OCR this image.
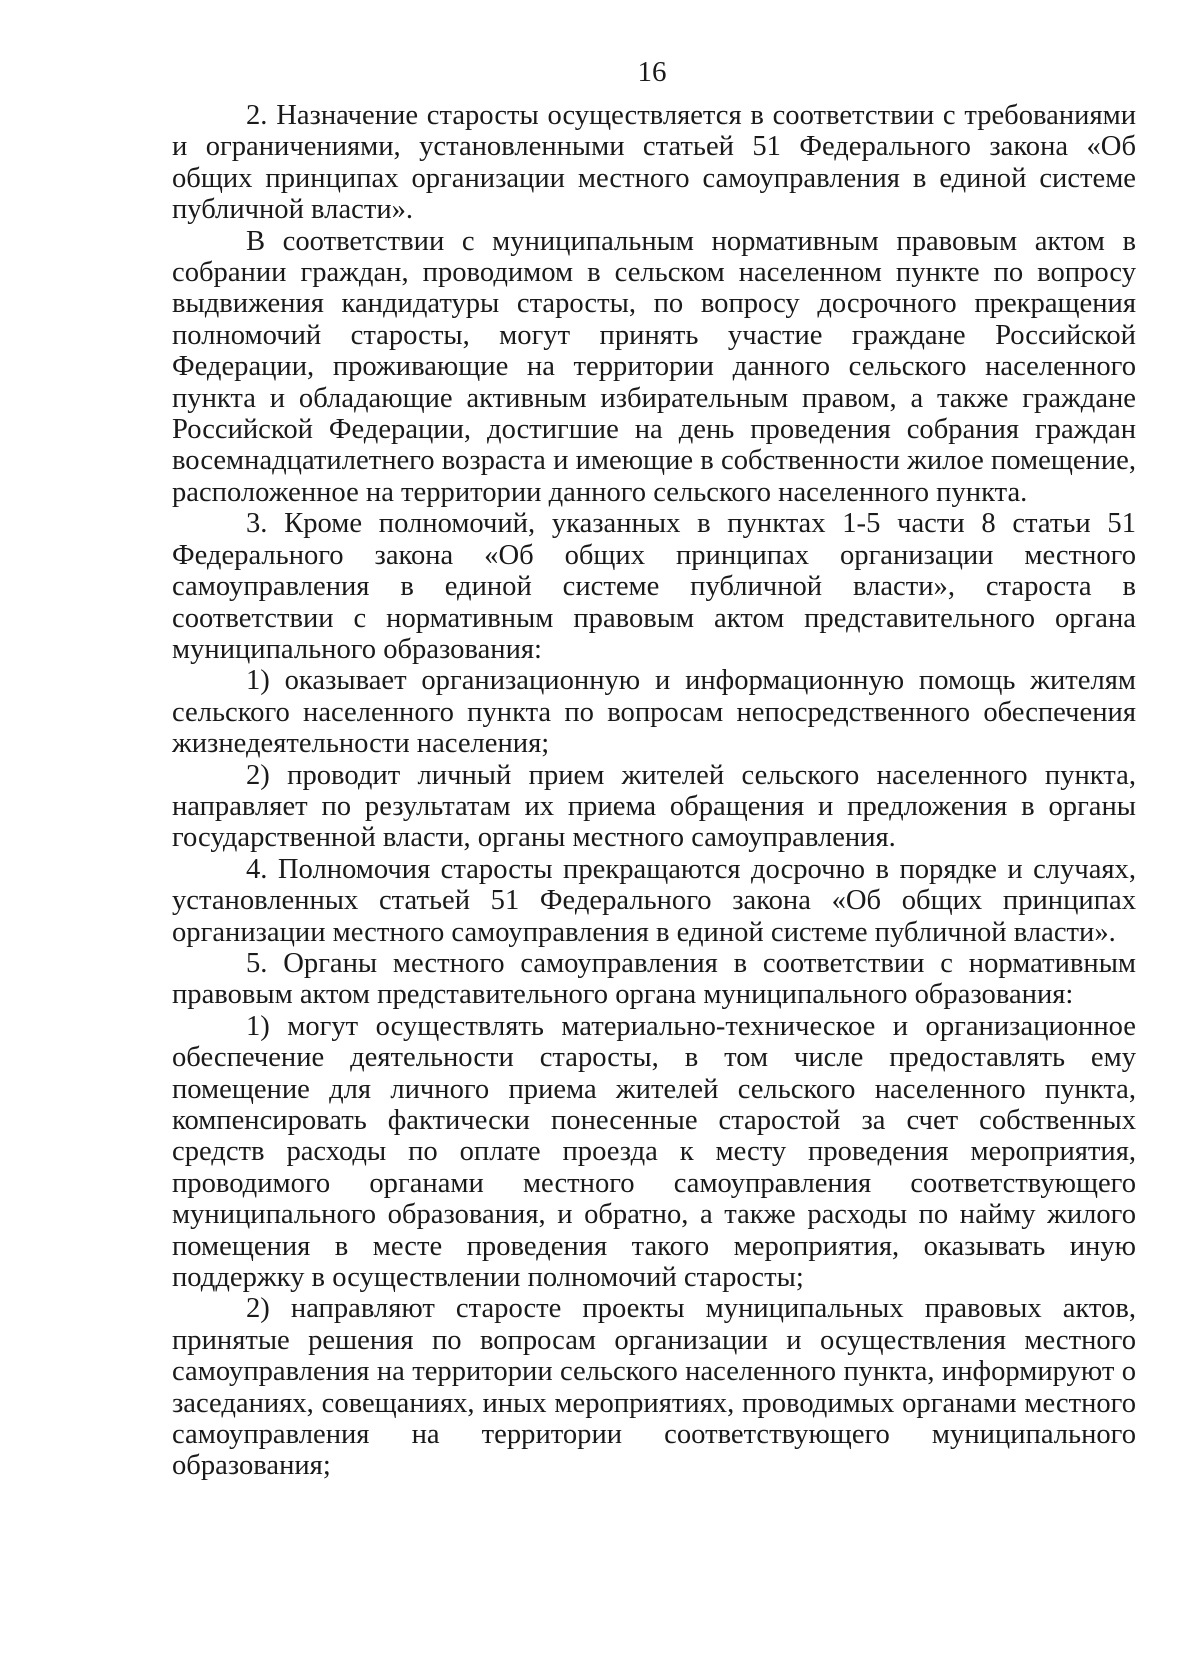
16

2. Назначение старосты осуществляется в соответствии с требованиями и ограничениями, установленными статьей 51 Федерального закона «Об общих принципах организации местного самоуправления в единой системе публичной власти».

В соответствии с муниципальным нормативным правовым актом в собрании граждан, проводимом в сельском населенном пункте по вопросу выдвижения кандидатуры старосты, по вопросу досрочного прекращения полномочий старосты, могут принять участие граждане Российской Федерации, проживающие на территории данного сельского населенного пункта и обладающие активным избирательным правом, а также граждане Российской Федерации, достигшие на день проведения собрания граждан восемнадцатилетнего возраста и имеющие в собственности жилое помещение, расположенное на территории данного сельского населенного пункта.

3. Кроме полномочий, указанных в пунктах 1-5 части 8 статьи 51 Федерального закона «Об общих принципах организации местного самоуправления в единой системе публичной власти», староста в соответствии с нормативным правовым актом представительного органа муниципального образования:

1) оказывает организационную и информационную помощь жителям сельского населенного пункта по вопросам непосредственного обеспечения жизнедеятельности населения;

2) проводит личный прием жителей сельского населенного пункта, направляет по результатам их приема обращения и предложения в органы государственной власти, органы местного самоуправления.

4. Полномочия старосты прекращаются досрочно в порядке и случаях, установленных статьей 51 Федерального закона «Об общих принципах организации местного самоуправления в единой системе публичной власти».

5. Органы местного самоуправления в соответствии с нормативным правовым актом представительного органа муниципального образования:

1) могут осуществлять материально-техническое и организационное обеспечение деятельности старосты, в том числе предоставлять ему помещение для личного приема жителей сельского населенного пункта, компенсировать фактически понесенные старостой за счет собственных средств расходы по оплате проезда к месту проведения мероприятия, проводимого органами местного самоуправления соответствующего муниципального образования, и обратно, а также расходы по найму жилого помещения в месте проведения такого мероприятия, оказывать иную поддержку в осуществлении полномочий старосты;

2) направляют старосте проекты муниципальных правовых актов, принятые решения по вопросам организации и осуществления местного самоуправления на территории сельского населенного пункта, информируют о заседаниях, совещаниях, иных мероприятиях, проводимых органами местного самоуправления на территории соответствующего муниципального образования;
